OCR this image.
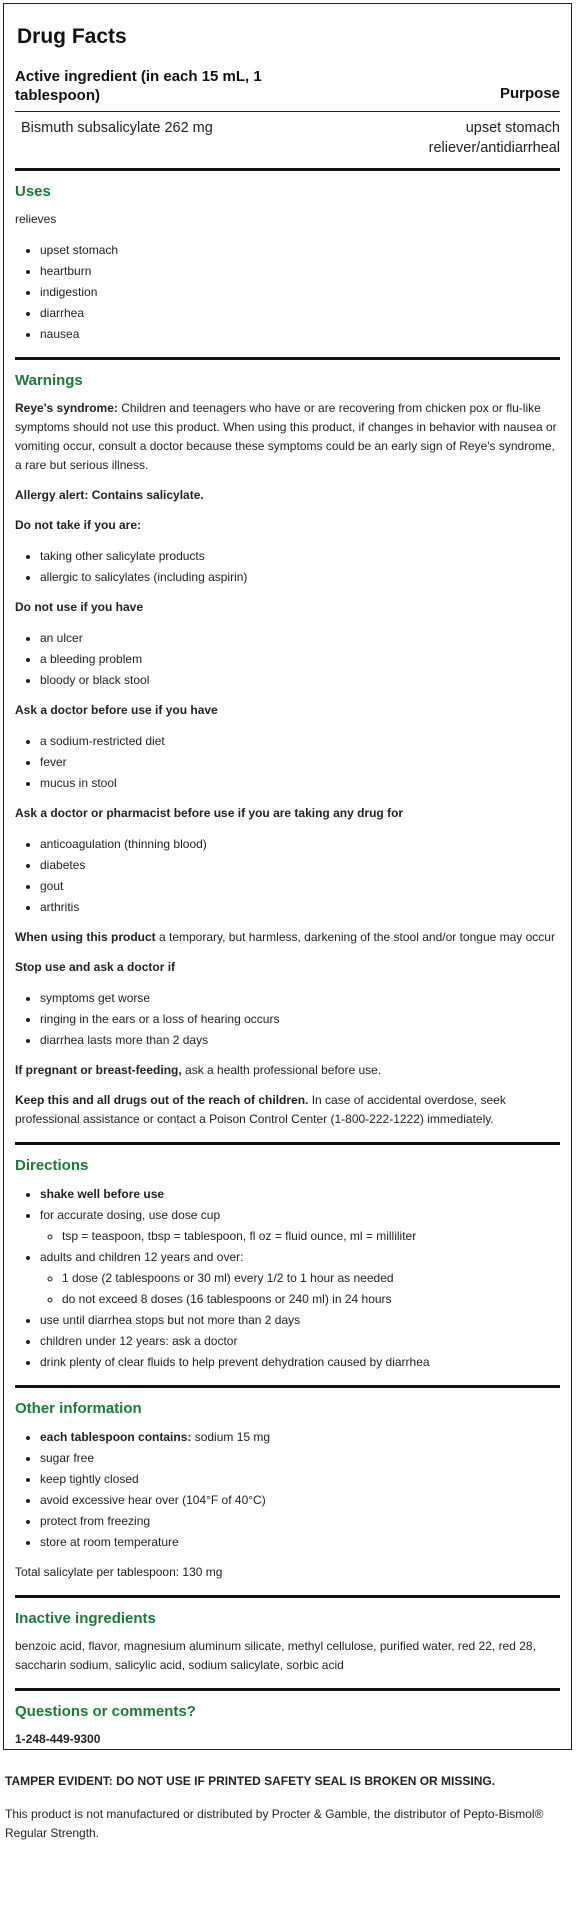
Drug Facts
Active ingredient (in each 15 mL, 1 tablespoon)	Purpose
Bismuth subsalicylate 262 mg	upset stomach reliever/antidiarrheal
Uses

relieves

• upset stomach
• heartburn
• indigestion
• diarrhea
• nausea
Warnings

Reye's syndrome: Children and teenagers who have or are recovering from chicken pox or flu-like symptoms should not use this product. When using this product, if changes in behavior with nausea or vomiting occur, consult a doctor because these symptoms could be an early sign of Reye's syndrome, a rare but serious illness.

Allergy alert: Contains salicylate.

Do not take if you are:

• taking other salicylate products
• allergic to salicylates (including aspirin)

Do not use if you have

• an ulcer
• a bleeding problem
• bloody or black stool

Ask a doctor before use if you have

• a sodium-restricted diet
• fever
• mucus in stool

Ask a doctor or pharmacist before use if you are taking any drug for

• anticoagulation (thinning blood)
• diabetes
• gout
• arthritis

When using this product a temporary, but harmless, darkening of the stool and/or tongue may occur

Stop use and ask a doctor if

• symptoms get worse
• ringing in the ears or a loss of hearing occurs
• diarrhea lasts more than 2 days

If pregnant or breast-feeding, ask a health professional before use.

Keep this and all drugs out of the reach of children. In case of accidental overdose, seek professional assistance or contact a Poison Control Center (1-800-222-1222) immediately.

Directions
• shake well before use
• for accurate dosing, use dose cup
◦ tsp = teaspoon, tbsp = tablespoon, fl oz = fluid ounce, ml = milliliter
• adults and children 12 years and over:
◦ 1 dose (2 tablespoons or 30 ml) every 1/2 to 1 hour as needed
◦ do not exceed 8 doses (16 tablespoons or 240 ml) in 24 hours
• use until diarrhea stops but not more than 2 days
• children under 12 years: ask a doctor
• drink plenty of clear fluids to help prevent dehydration caused by diarrhea
Other information
• each tablespoon contains: sodium 15 mg
• sugar free
• keep tightly closed
• avoid excessive hear over (104°F of 40°C)
• protect from freezing
• store at room temperature

Total salicylate per tablespoon: 130 mg

Inactive ingredients

benzoic acid, flavor, magnesium aluminum silicate, methyl cellulose, purified water, red 22, red 28, saccharin sodium, salicylic acid, sodium salicylate, sorbic acid

Questions or comments?

1-248-449-9300

TAMPER EVIDENT: DO NOT USE IF PRINTED SAFETY SEAL IS BROKEN OR MISSING.
This product is not manufactured or distributed by Procter & Gamble, the distributor of Pepto-Bismol® Regular Strength.
